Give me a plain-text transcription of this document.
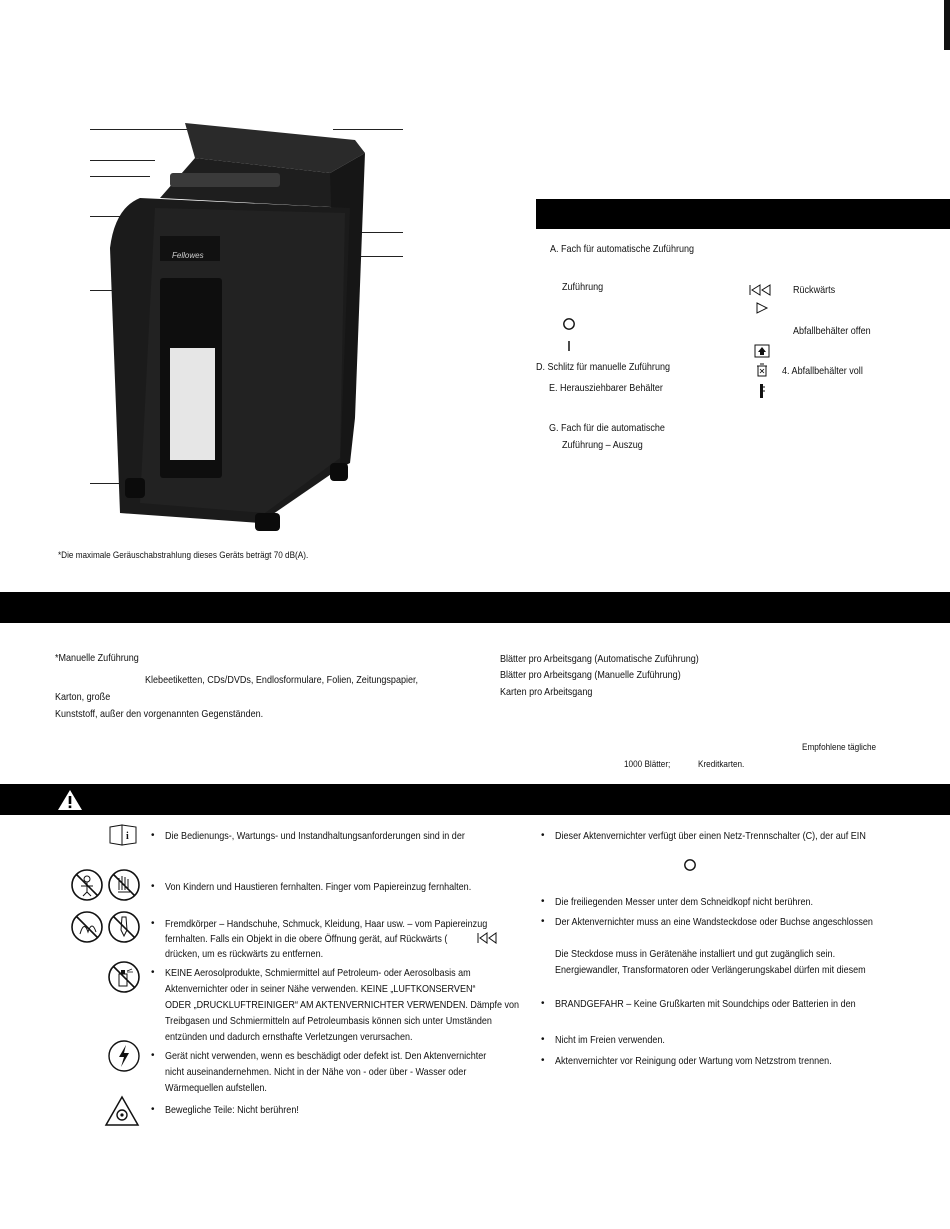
Fellowes
*Die maximale Geräuschabstrahlung dieses Geräts beträgt 70 dB(A).
A. Fach für automatische Zuführung
Zuführung
D. Schlitz für manuelle Zuführung
E. Herausziehbarer Behälter
G. Fach für die automatische
Zuführung – Auszug
Rückwärts
Abfallbehälter offen
4. Abfallbehälter voll
*Manuelle Zuführung
Klebeetiketten, CDs/DVDs, Endlosformulare, Folien, Zeitungspapier,
Karton, große
Kunststoff, außer den vorgenannten Gegenständen.
Blätter pro Arbeitsgang (Automatische Zuführung)
Blätter pro Arbeitsgang (Manuelle Zuführung)
Karten pro Arbeitsgang
Empfohlene tägliche
1000 Blätter;	Kreditkarten.
i • Die Bedienungs-, Wartungs- und Instandhaltungsanforderungen sind in der
• Von Kindern und Haustieren fernhalten. Finger vom Papiereinzug fernhalten.
• Fremdkörper – Handschuhe, Schmuck, Kleidung, Haar usw. – vom Papiereinzug
fernhalten. Falls ein Objekt in die obere Öffnung gerät, auf Rückwärts (
drücken, um es rückwärts zu entfernen.
• KEINE Aerosolprodukte, Schmiermittel auf Petroleum- oder Aerosolbasis am
Aktenvernichter oder in seiner Nähe verwenden. KEINE „LUFTKONSERVEN“
ODER „DRUCKLUFTREINIGER“ AM AKTENVERNICHTER VERWENDEN. Dämpfe von
Treibgasen und Schmiermitteln auf Petroleumbasis können sich unter Umständen
entzünden und dadurch ernsthafte Verletzungen verursachen.
• Gerät nicht verwenden, wenn es beschädigt oder defekt ist. Den Aktenvernichter
nicht auseinandernehmen. Nicht in der Nähe von - oder über - Wasser oder
Wärmequellen aufstellen.
• Bewegliche Teile: Nicht berühren!
• Dieser Aktenvernichter verfügt über einen Netz-Trennschalter (C), der auf EIN
• Die freiliegenden Messer unter dem Schneidkopf nicht berühren.
• Der Aktenvernichter muss an eine Wandsteckdose oder Buchse angeschlossen
Die Steckdose muss in Gerätenähe installiert und gut zugänglich sein.
Energiewandler, Transformatoren oder Verlängerungskabel dürfen mit diesem
• BRANDGEFAHR – Keine Grußkarten mit Soundchips oder Batterien in den
• Nicht im Freien verwenden.
• Aktenvernichter vor Reinigung oder Wartung vom Netzstrom trennen.
